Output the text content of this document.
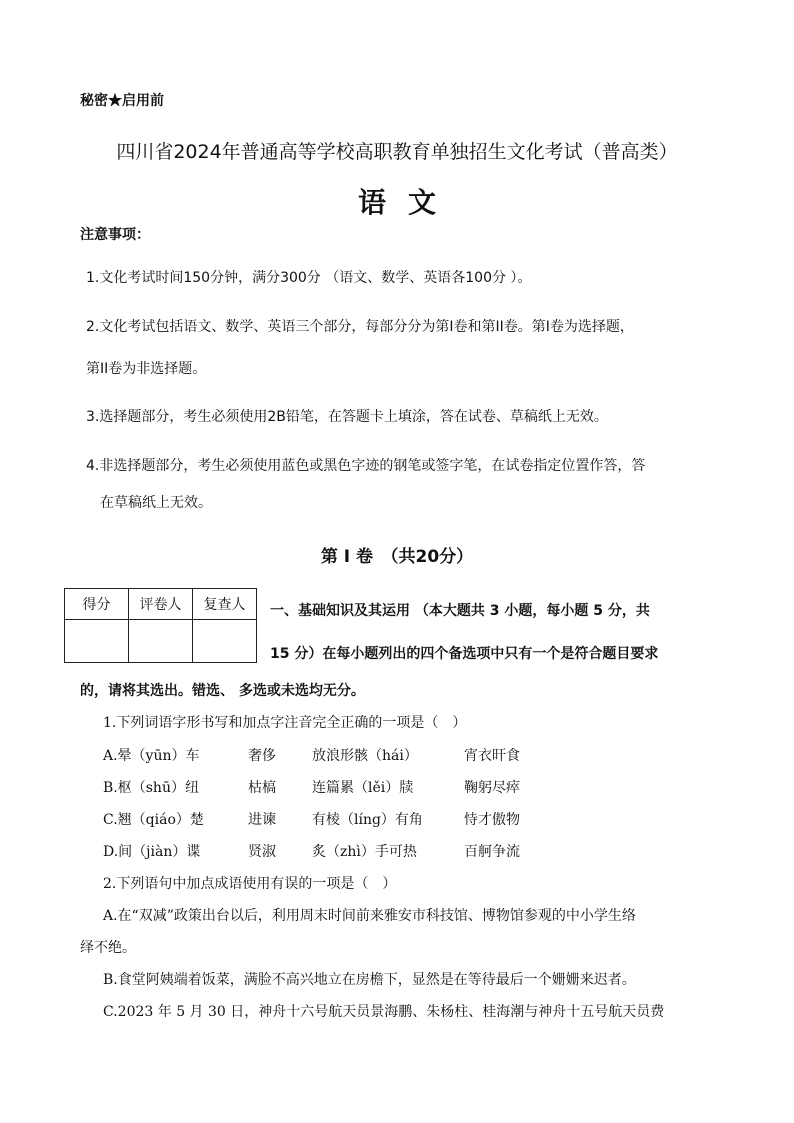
秘密★启用前
四川省2024年普通高等学校高职教育单独招生文化考试（普高类）
语文
注意事项：
1.文化考试时间150分钟，满分300分 （语文、数学、英语各100分 ）。
2.文化考试包括语文、数学、英语三个部分，每部分分为第I卷和第II卷。第I卷为选择题，
第II卷为非选择题。
3.选择题部分，考生必须使用2B铅笔，在答题卡上填涂，答在试卷、草稿纸上无效。
4.非选择题部分，考生必须使用蓝色或黑色字迹的钢笔或签字笔，在试卷指定位置作答，答
在草稿纸上无效。
第 I 卷　（共20分）
得分	评卷人	复查人
		一、基础知识及其运用 （本大题共 3 小题，每小题 5 分，共
15 分）在每小题列出的四个备选项中只有一个是符合题目要求
的，请将其选出。错选、 多选或未选均无分。
1.下列词语字形书写和加点字注音完全正确的一项是（　）
A.晕（yūn）车	奢侈	放浪形骸（hái）	宵衣旰食
B.枢（shū）纽	枯槁	连篇累（lěi）牍	鞠躬尽瘁
C.翘（qiáo）楚	进谏	有棱（líng）有角	恃才傲物
D.间（jiàn）谍	贤淑	炙（zhì）手可热	百舸争流
2.下列语句中加点成语使用有误的一项是（　）
A.在“双减”政策出台以后，利用周末时间前来雅安市科技馆、博物馆参观的中小学生络
绎不绝。
B.食堂阿姨端着饭菜，满脸不高兴地立在房檐下，显然是在等待最后一个姗姗来迟者。
C.2023 年 5 月 30 日，神舟十六号航天员景海鹏、朱杨柱、桂海潮与神舟十五号航天员费
